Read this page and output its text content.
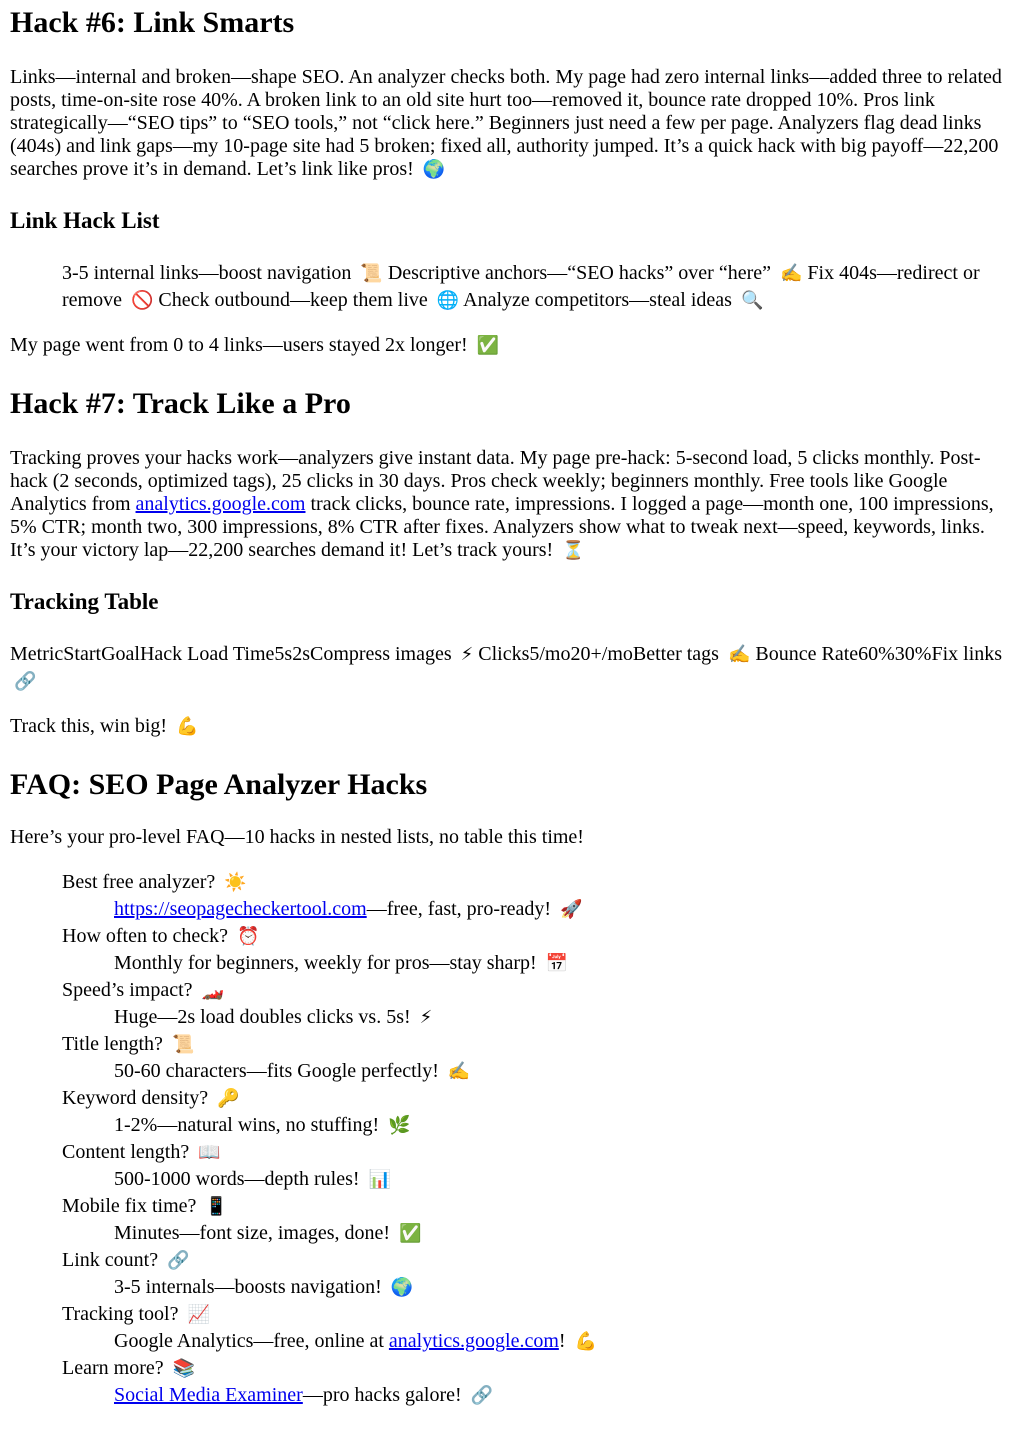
Hack #6: Link Smarts

Links—internal and broken—shape SEO. An analyzer checks both. My page had zero internal links—added three to related posts, time-on-site rose 40%. A broken link to an old site hurt too—removed it, bounce rate dropped 10%. Pros link strategically—“SEO tips” to “SEO tools,” not “click here.” Beginners just need a few per page. Analyzers flag dead links (404s) and link gaps—my 10-page site had 5 broken; fixed all, authority jumped. It’s a quick hack with big payoff—22,200 searches prove it’s in demand. Let’s link like pros! 🌍

Link Hack List

3-5 internal links—boost navigation 📜 Descriptive anchors—“SEO hacks” over “here” ✍️ Fix 404s—redirect or remove 🚫 Check outbound—keep them live 🌐 Analyze competitors—steal ideas 🔍

My page went from 0 to 4 links—users stayed 2x longer! ✅

Hack #7: Track Like a Pro

Tracking proves your hacks work—analyzers give instant data. My page pre-hack: 5-second load, 5 clicks monthly. Post-hack (2 seconds, optimized tags), 25 clicks in 30 days. Pros check weekly; beginners monthly. Free tools like Google Analytics from analytics.google.com track clicks, bounce rate, impressions. I logged a page—month one, 100 impressions, 5% CTR; month two, 300 impressions, 8% CTR after fixes. Analyzers show what to tweak next—speed, keywords, links. It’s your victory lap—22,200 searches demand it! Let’s track yours! ⏳

Tracking Table

MetricStartGoalHack Load Time5s2sCompress images ⚡ Clicks5/mo20+/moBetter tags ✍️ Bounce Rate60%30%Fix links 🔗

Track this, win big! 💪

FAQ: SEO Page Analyzer Hacks

Here’s your pro-level FAQ—10 hacks in nested lists, no table this time!

Best free analyzer? ☀️
https://seopagecheckertool.com—free, fast, pro-ready! 🚀
How often to check? ⏰
Monthly for beginners, weekly for pros—stay sharp! 📅
Speed’s impact? 🏎️
Huge—2s load doubles clicks vs. 5s! ⚡
Title length? 📜
50-60 characters—fits Google perfectly! ✍️
Keyword density? 🔑
1-2%—natural wins, no stuffing! 🌿
Content length? 📖
500-1000 words—depth rules! 📊
Mobile fix time? 📱
Minutes—font size, images, done! ✅
Link count? 🔗
3-5 internals—boosts navigation! 🌍
Tracking tool? 📈
Google Analytics—free, online at analytics.google.com! 💪
Learn more? 📚
Social Media Examiner—pro hacks galore! 🔗
